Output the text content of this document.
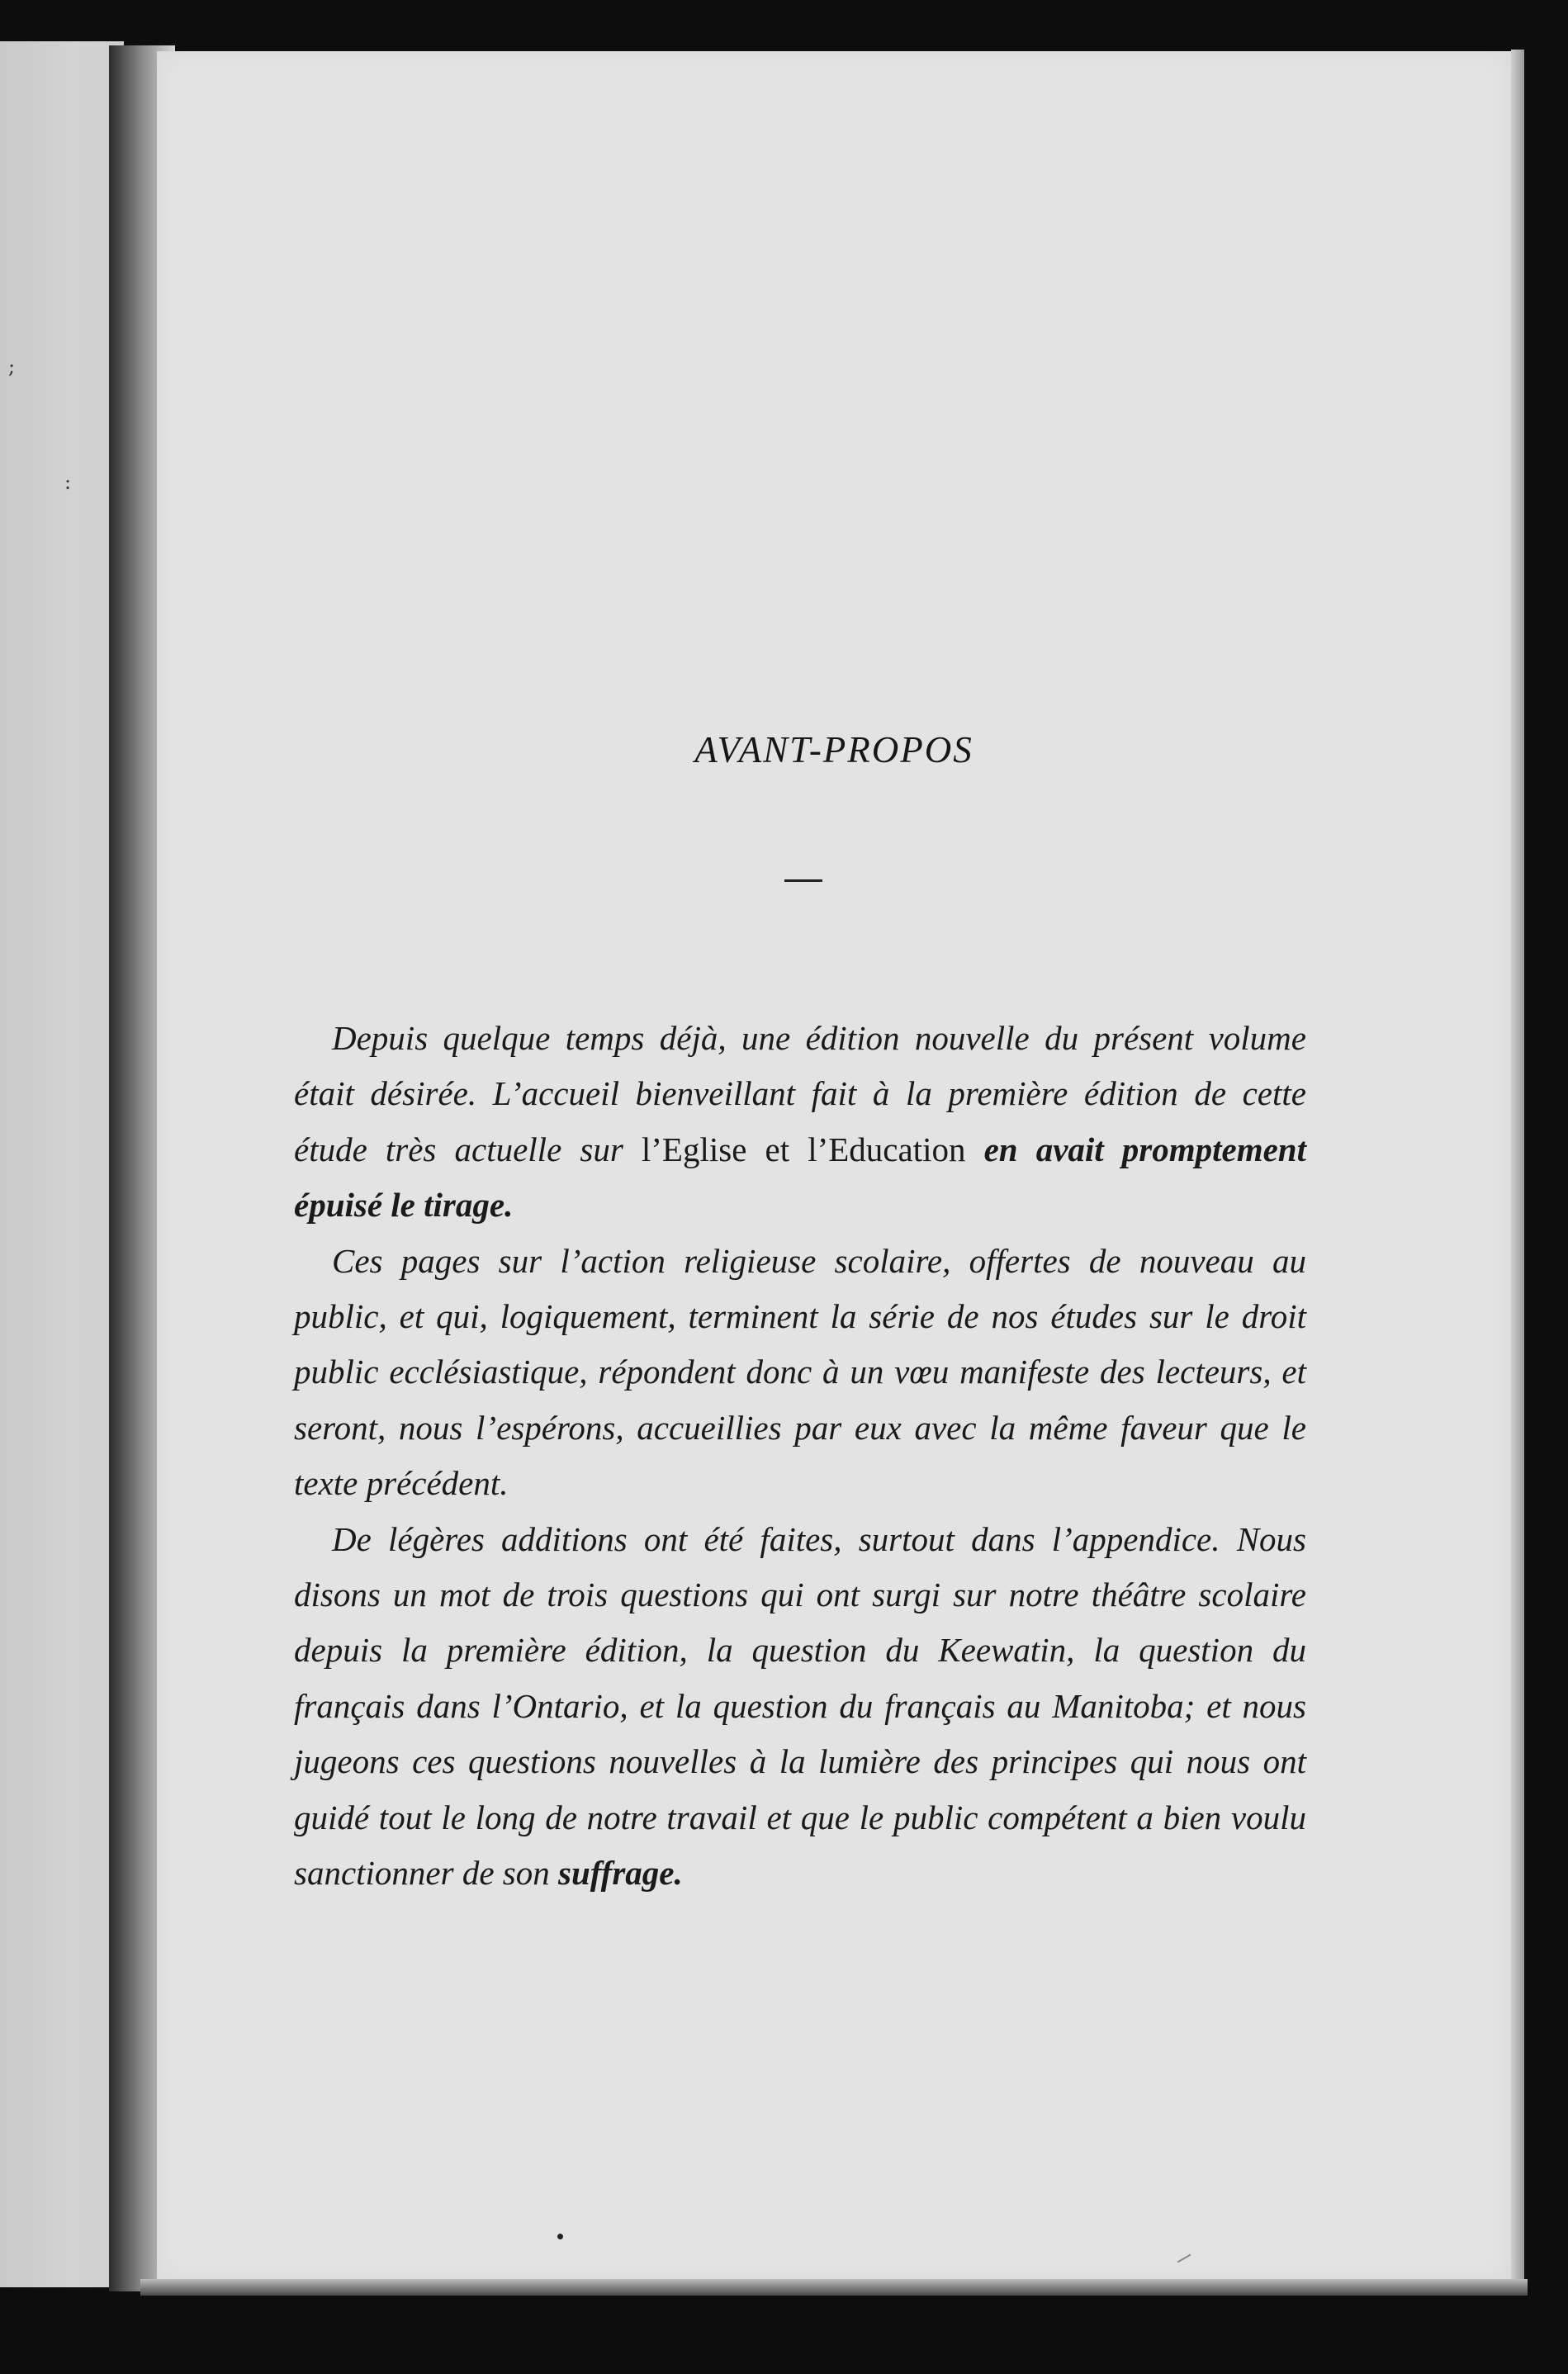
;
:
AVANT-PROPOS

Depuis quelque temps déjà, une édition nouvelle du présent volume était désirée. L’accueil bienveillant fait à la première édition de cette étude très actuelle sur l’Eglise et l’Education en avait promptement épuisé le tirage.

Ces pages sur l’action religieuse scolaire, offertes de nouveau au public, et qui, logiquement, terminent la série de nos études sur le droit public ecclésiastique, répondent donc à un vœu manifeste des lecteurs, et seront, nous l’espérons, accueillies par eux avec la même faveur que le texte précédent.

De légères additions ont été faites, surtout dans l’appendice. Nous disons un mot de trois questions qui ont surgi sur notre théâtre scolaire depuis la première édition, la question du Keewatin, la question du français dans l’Ontario, et la question du français au Manitoba; et nous jugeons ces questions nouvelles à la lumière des principes qui nous ont guidé tout le long de notre travail et que le public compétent a bien voulu sanctionner de son suffrage.
